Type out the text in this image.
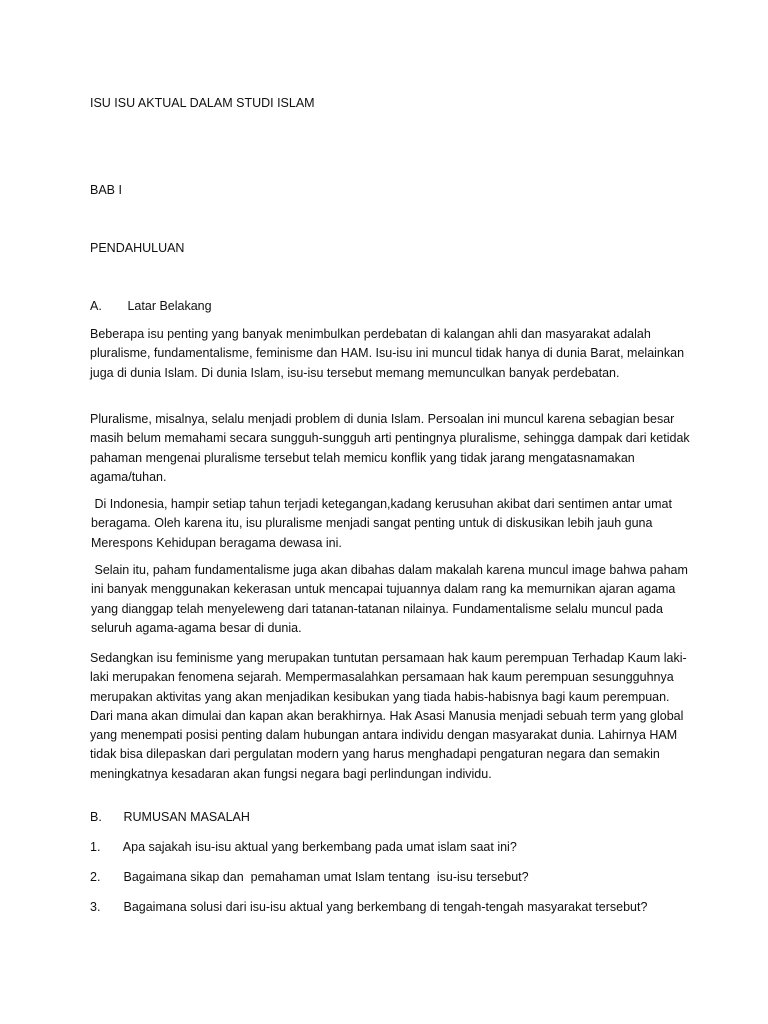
ISU ISU AKTUAL DALAM STUDI ISLAM
BAB I
PENDAHULUAN
A. Latar Belakang

Beberapa isu penting yang banyak menimbulkan perdebatan di kalangan ahli dan masyarakat adalah pluralisme, fundamentalisme, feminisme dan HAM. Isu-isu ini muncul tidak hanya di dunia Barat, melainkan juga di dunia Islam. Di dunia Islam, isu-isu tersebut memang memunculkan banyak perdebatan.

Pluralisme, misalnya, selalu menjadi problem di dunia Islam. Persoalan ini muncul karena sebagian besar masih belum memahami secara sungguh-sungguh arti pentingnya pluralisme, sehingga dampak dari ketidak pahaman mengenai pluralisme tersebut telah memicu konflik yang tidak jarang mengatasnamakan agama/tuhan.

Di Indonesia, hampir setiap tahun terjadi ketegangan,kadang kerusuhan akibat dari sentimen antar umat beragama. Oleh karena itu, isu pluralisme menjadi sangat penting untuk di diskusikan lebih jauh guna Merespons Kehidupan beragama dewasa ini.

Selain itu, paham fundamentalisme juga akan dibahas dalam makalah karena muncul image bahwa paham ini banyak menggunakan kekerasan untuk mencapai tujuannya dalam rang ka memurnikan ajaran agama yang dianggap telah menyeleweng dari tatanan-tatanan nilainya. Fundamentalisme selalu muncul pada seluruh agama-agama besar di dunia.

Sedangkan isu feminisme yang merupakan tuntutan persamaan hak kaum perempuan Terhadap Kaum laki-laki merupakan fenomena sejarah. Mempermasalahkan persamaan hak kaum perempuan sesungguhnya merupakan aktivitas yang akan menjadikan kesibukan yang tiada habis-habisnya bagi kaum perempuan. Dari mana akan dimulai dan kapan akan berakhirnya. Hak Asasi Manusia menjadi sebuah term yang global yang menempati posisi penting dalam hubungan antara individu dengan masyarakat dunia. Lahirnya HAM tidak bisa dilepaskan dari pergulatan modern yang harus menghadapi pengaturan negara dan semakin meningkatnya kesadaran akan fungsi negara bagi perlindungan individu.

B. RUMUSAN MASALAH
1. Apa sajakah isu-isu aktual yang berkembang pada umat islam saat ini?
2. Bagaimana sikap dan  pemahaman umat Islam tentang  isu-isu tersebut?
3. Bagaimana solusi dari isu-isu aktual yang berkembang di tengah-tengah masyarakat tersebut?
